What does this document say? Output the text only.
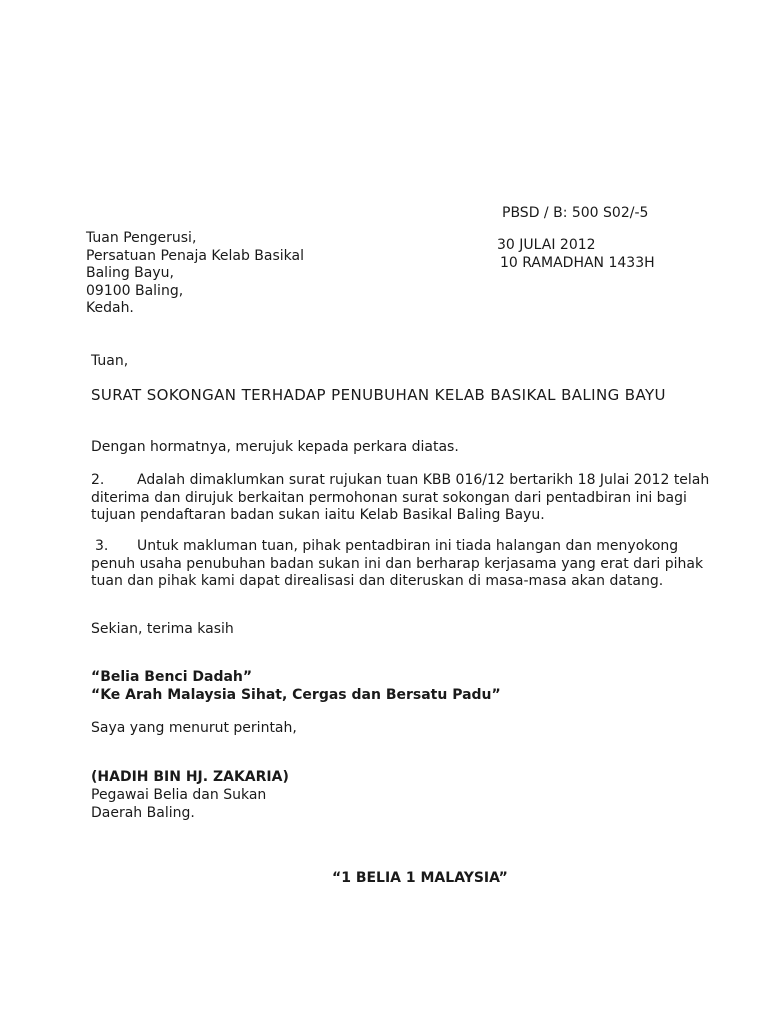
PBSD / B: 500 S02/-5
30 JULAI 2012
10 RAMADHAN 1433H
Tuan Pengerusi,
Persatuan Penaja Kelab Basikal
Baling Bayu,
09100 Baling,
Kedah.
Tuan,
SURAT SOKONGAN TERHADAP PENUBUHAN KELAB BASIKAL BALING BAYU
Dengan hormatnya, merujuk kepada perkara diatas.
2. Adalah dimaklumkan surat rujukan tuan KBB 016/12 bertarikh 18 Julai 2012 telah
diterima dan dirujuk berkaitan permohonan surat sokongan dari pentadbiran ini bagi
tujuan pendaftaran badan sukan iaitu Kelab Basikal Baling Bayu.
3. Untuk makluman tuan, pihak pentadbiran ini tiada halangan dan menyokong
penuh usaha penubuhan badan sukan ini dan berharap kerjasama yang erat dari pihak
tuan dan pihak kami dapat direalisasi dan diteruskan di masa-masa akan datang.
Sekian, terima kasih
“Belia Benci Dadah”
“Ke Arah Malaysia Sihat, Cergas dan Bersatu Padu”
Saya yang menurut perintah,
(HADIH BIN HJ. ZAKARIA)
Pegawai Belia dan Sukan
Daerah Baling.
“1 BELIA 1 MALAYSIA”
